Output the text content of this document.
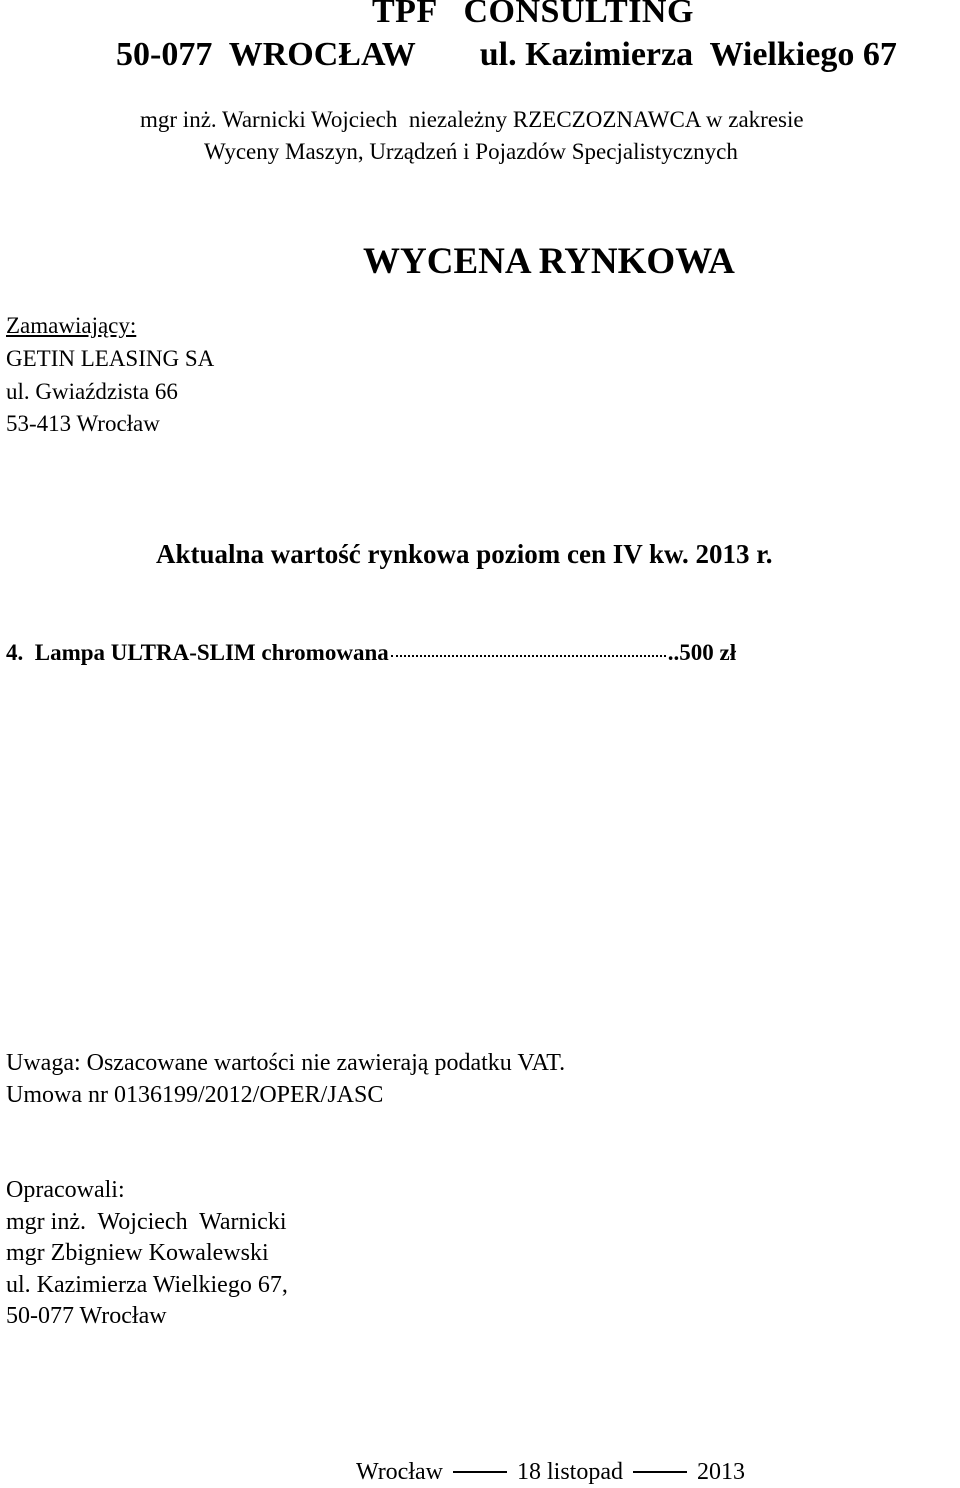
TPF   CONSULTING
50-077  WROCŁAW ul. Kazimierza  Wielkiego 67
mgr inż. Warnicki Wojciech  niezależny RZECZOZNAWCA w zakresie
Wyceny Maszyn, Urządzeń i Pojazdów Specjalistycznych
WYCENA RYNKOWA
Zamawiający:
GETIN LEASING SA
ul. Gwiaździsta 66
53-413 Wrocław
Aktualna wartość rynkowa poziom cen IV kw. 2013 r.
4. Lampa ULTRA-SLIM chromowana	..500 zł
Uwaga: Oszacowane wartości nie zawierają podatku VAT.
Umowa nr 0136199/2012/OPER/JASC
Opracowali:
mgr inż.  Wojciech  Warnicki
mgr Zbigniew Kowalewski
ul. Kazimierza Wielkiego 67,
50-077 Wrocław
Wrocław	18 listopad	2013
